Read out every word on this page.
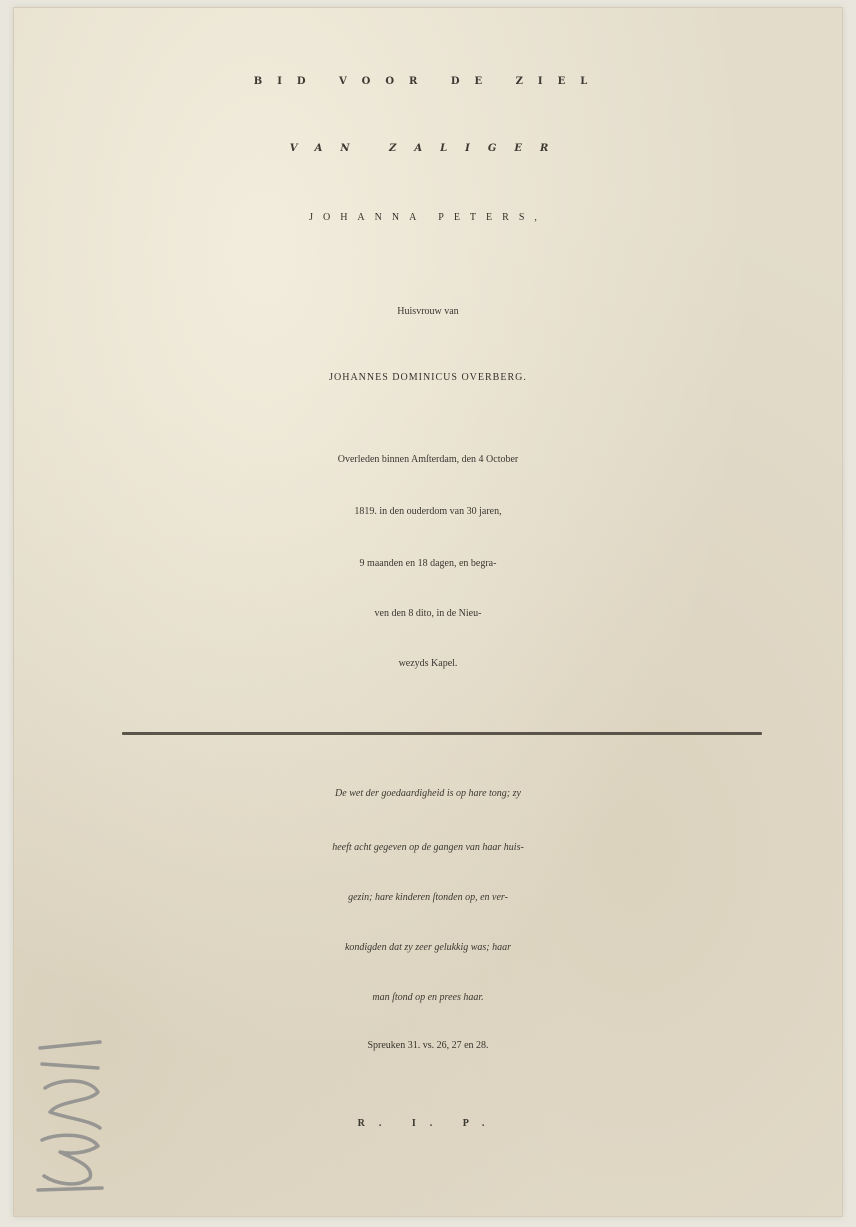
BID VOOR DE ZIEL
VAN ZALIGER
JOHANNA PETERS,
Huisvrouw van
JOHANNES DOMINICUS OVERBERG.
Overleden binnen Amſterdam, den 4 October
1819. in den ouderdom van 30 jaren,
9 maanden en 18 dagen, en begra-
ven den 8 dito, in de Nieu-
wezyds Kapel.
De wet der goedaardigheid is op hare tong; zy
heeft acht gegeven op de gangen van haar huis-
gezin; hare kinderen ſtonden op, en ver-
kondigden dat zy zeer gelukkig was; haar
man ſtond op en prees haar.
Spreuken 31. vs. 26, 27 en 28.
R. I. P.
